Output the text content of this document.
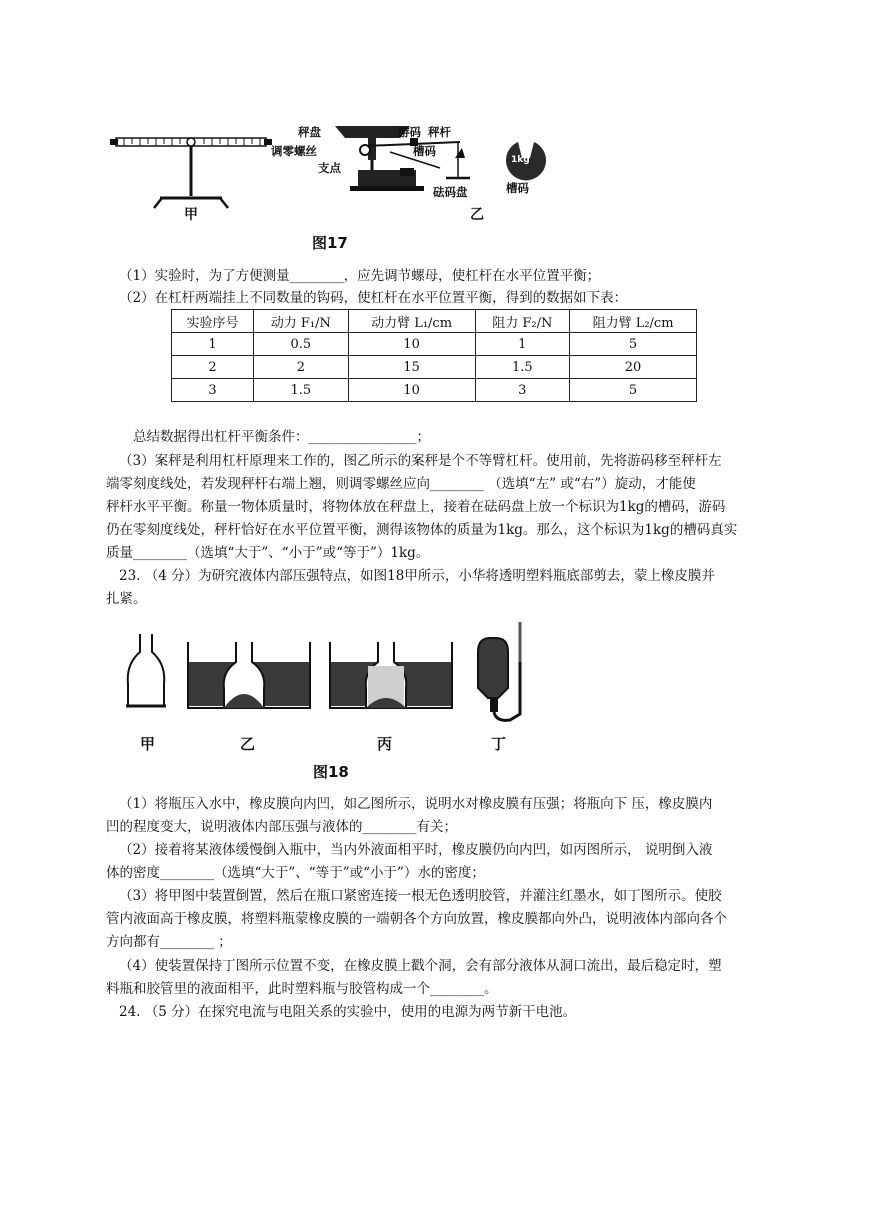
秤盘	游码 秤杆
调零螺丝	槽码
支点
砝码盘
1kg
槽码
甲	乙
图17
（1）实验时，为了方便测量________，应先调节螺母，使杠杆在水平位置平衡；
（2）在杠杆两端挂上不同数量的钩码，使杠杆在水平位置平衡，得到的数据如下表：
实验序号	动力 F₁/N	动力臂 L₁/cm	阻力 F₂/N	阻力臂 L₂/cm
1	0.5	10	1	5
2	2	15	1.5	20
3	1.5	10	3	5
总结数据得出杠杆平衡条件：________________；
（3）案秤是利用杠杆原理来工作的，图乙所示的案秤是个不等臂杠杆。使用前，先将游码移至秤杆左
端零刻度线处，若发现秤杆右端上翘，则调零螺丝应向________ （选填“左” 或“右”）旋动，才能使
秤杆水平平衡。称量一物体质量时，将物体放在秤盘上，接着在砝码盘上放一个标识为1kg的槽码，游码
仍在零刻度线处，秤杆恰好在水平位置平衡，测得该物体的质量为1kg。那么，这个标识为1kg的槽码真实
质量________（选填“大于”、“小于”或“等于”）1kg。
23. （4 分）为研究液体内部压强特点，如图18甲所示，小华将透明塑料瓶底部剪去，蒙上橡皮膜并
扎紧。
甲	乙	丙	丁
图18
（1）将瓶压入水中，橡皮膜向内凹，如乙图所示，说明水对橡皮膜有压强；将瓶向下 压，橡皮膜内
凹的程度变大，说明液体内部压强与液体的________有关；
（2）接着将某液体缓慢倒入瓶中，当内外液面相平时，橡皮膜仍向内凹，如丙图所示， 说明倒入液
体的密度________（选填“大于”、“等于”或“小于”）水的密度；
（3）将甲图中装置倒置，然后在瓶口紧密连接一根无色透明胶管，并灌注红墨水，如丁图所示。使胶
管内液面高于橡皮膜，将塑料瓶蒙橡皮膜的一端朝各个方向放置，橡皮膜都向外凸，说明液体内部向各个
方向都有________ ；
（4）使装置保持丁图所示位置不变，在橡皮膜上戳个洞，会有部分液体从洞口流出，最后稳定时，塑
料瓶和胶管里的液面相平，此时塑料瓶与胶管构成一个________。
24. （5 分）在探究电流与电阻关系的实验中，使用的电源为两节新干电池。
